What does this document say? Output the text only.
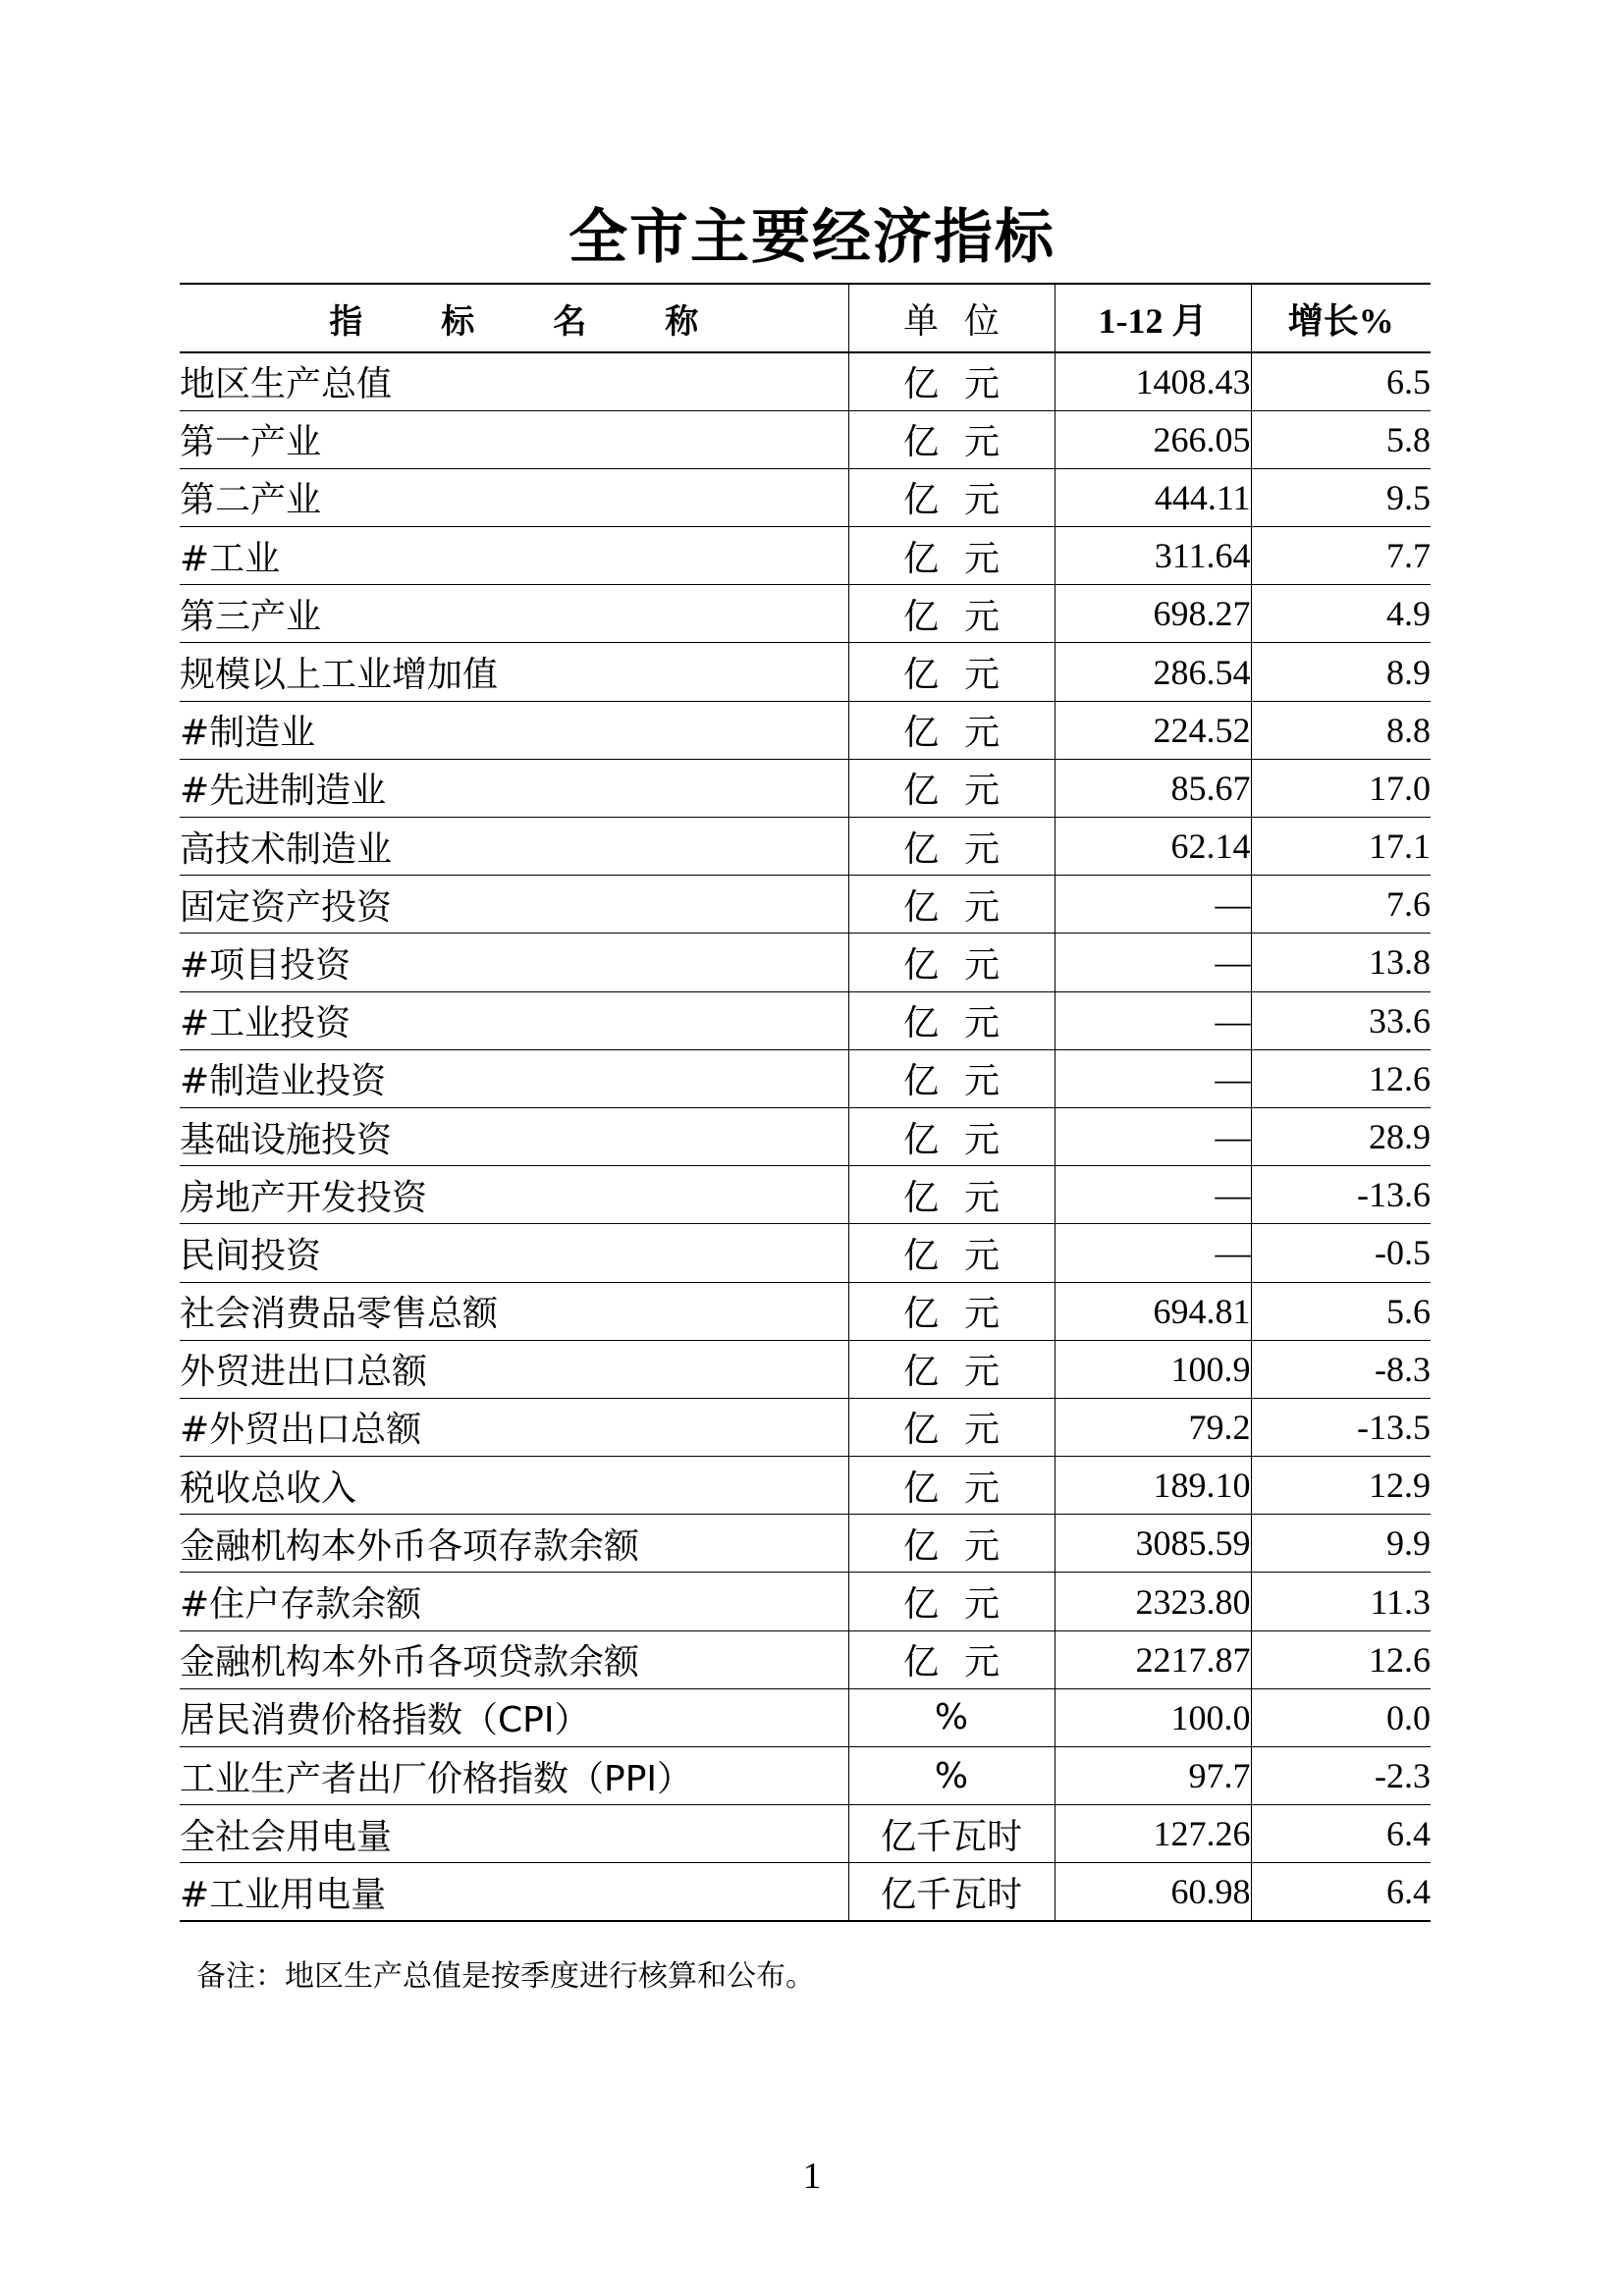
全市主要经济指标
指标名称	单位	1-12 月	增长%
地区生产总值	亿元	1408.43	6.5
第一产业	亿元	266.05	5.8
第二产业	亿元	444.11	9.5
#工业	亿元	311.64	7.7
第三产业	亿元	698.27	4.9
规模以上工业增加值	亿元	286.54	8.9
#制造业	亿元	224.52	8.8
#先进制造业	亿元	85.67	17.0
高技术制造业	亿元	62.14	17.1
固定资产投资	亿元	—	7.6
#项目投资	亿元	—	13.8
#工业投资	亿元	—	33.6
#制造业投资	亿元	—	12.6
基础设施投资	亿元	—	28.9
房地产开发投资	亿元	—	-13.6
民间投资	亿元	—	-0.5
社会消费品零售总额	亿元	694.81	5.6
外贸进出口总额	亿元	100.9	-8.3
#外贸出口总额	亿元	79.2	-13.5
税收总收入	亿元	189.10	12.9
金融机构本外币各项存款余额	亿元	3085.59	9.9
#住户存款余额	亿元	2323.80	11.3
金融机构本外币各项贷款余额	亿元	2217.87	12.6
居民消费价格指数（CPI）	%	100.0	0.0
工业生产者出厂价格指数（PPI）	%	97.7	-2.3
全社会用电量	亿千瓦时	127.26	6.4
#工业用电量	亿千瓦时	60.98	6.4
备注：地区生产总值是按季度进行核算和公布。
1
